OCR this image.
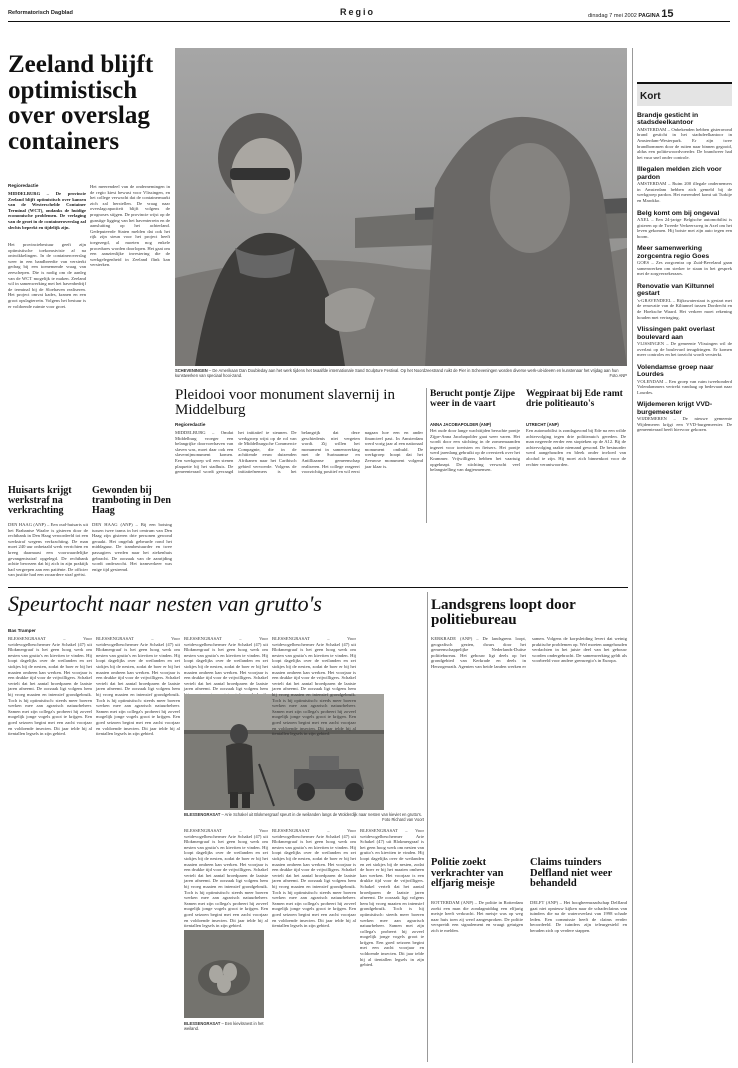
Reformatorisch Dagblad	Regio	dinsdag 7 mei 2002 PAGINA 15
Zeeland blijft optimistisch over overslag containers
Regioredactie
MIDDELBURG – De provincie Zeeland blijft optimistisch over kansen van de Westerschelde Container Terminal (WCT), ondanks de huidige economische problemen. De verlaging van de groei in de containeroverslag zal slechts beperkt en tijdelijk zijn.
Het provinciebestuur geeft zijn optimistische toekomstvisie af na ontwikkelingen. In de containeroverslag weer in een bandbreedte van versterkt gedrag bij een toenemende vraag van zeeschepen. Die is nodig om de aanleg van de WCT mogelijk te maken. Zeeland wil in samenwerking met het havenbedrijf de terminal bij de Sloehaven realiseren. Het project omvat kades, kranen en een groot opslagterrein. Volgens het bestuur is er voldoende ruimte voor groei.
Het meerendeel van de ondernemingen in de regio kiest bewust voor Vlissingen, en het college verwacht dat de containermarkt zich zal herstellen. De vraag naar overslagcapaciteit blijft volgens de prognoses stijgen. De provincie wijst op de gunstige ligging van het haventerrein en de aansluiting op het achterland. Gedeputeerde Staten melden dat ook het rijk zijn steun voor het project heeft toegezegd, al moeten nog enkele procedures worden doorlopen. Het gaat om een aanzienlijke investering die de werkgelegenheid in Zeeland flink kan versterken.
SCHEVENINGEN – De Amerikaan Dan Doubleday aan het werk tijdens het twaalfde internationale Sand Sculpture Festival. Op het Noordzeestrand ruikt de Pier in Scheveningen worden diverse werk-uit-ideeën en kunstenaar het vrijdag aan hun kunstwerken van speciaal hooi-zand.	Foto ANP
Pleidooi voor monument slavernij in Middelburg
Regioredactie
MIDDELBURG – Omdat Middelburg vroeger een belangrijke doorvoerhaven van slaven was, moet daar ook een slavernijmonument komen. Een werkgroep wil een stenen plaquette bij het stadhuis. De gemeenteraad wordt gevraagd het initiatief te steunen. De werkgroep wijst op de rol van de Middelburgsche Commercie Compagnie, die in de achttiende eeuw duizenden Afrikanen naar het Caribisch gebied vervoerde. Volgens de initiatiefnemers is het belangrijk dat deze geschiedenis niet vergeten wordt. Zij willen het monument in samenwerking met de Surinaamse en Antilliaanse gemeenschap realiseren. Het college reageert voorzichtig positief en wil eerst nagaan hoe een en ander financieel past. In Amsterdam werd vorig jaar al een nationaal monument onthuld. De werkgroep hoopt dat het Zeeuwse monument volgend jaar klaar is.
Berucht pontje Zijpe weer in de vaart
ANNA JACOBAPOLDER (ANP)
Het oude door lange wachttijden beruchte pontje Zijpe-Anna Jacobapolder gaat weer varen. Het wordt door een stichting in de zomermaanden ingezet voor toeristen en fietsers. Het pontje werd jarenlang gebruikt op de oversteek over het Krammer. Vrijwilligers hebben het vaartuig opgeknapt. De stichting verwacht veel belangstelling van dagjesmensen.
Wegpiraat bij Ede ramt drie politieauto's
UTRECHT (ANP)
Een automobilist is zondagavond bij Ede na een wilde achtervolging tegen drie politieauto's gereden. De man negeerde eerder een stopteken op de A12. Bij de achtervolging raakte niemand gewond. De bestuurder werd aangehouden en bleek onder invloed van alcohol te zijn. Hij moet zich binnenkort voor de rechter verantwoorden.
Huisarts krijgt werkstraf na verkrachting
DEN HAAG (ANP) – Een oud-huisarts uit het Brabantse Waalre is gisteren door de rechtbank in Den Haag veroordeeld tot een werkstraf wegens verkrachting. De man moet 240 uur onbetaald werk verrichten en kreeg daarnaast een voorwaardelijke gevangenisstraf opgelegd. De rechtbank achtte bewezen dat hij zich in zijn praktijk had vergrepen aan een patiënte. De officier van justitie had een zwaardere straf geëist.
Gewonden bij tramboting in Den Haag
DEN HAAG (ANP) – Bij een botsing tussen twee trams in het centrum van Den Haag zijn gisteren drie personen gewond geraakt. Het ongeluk gebeurde rond het middaguur. De trambestuurder en twee passagiers werden naar het ziekenhuis gebracht. De oorzaak van de aanrijding wordt onderzocht. Het tramverkeer was enige tijd gestremd.
Speurtocht naar nesten van grutto's
Bas Tramper
BLESSENGRASAT – Voor weidevogelbeschermer Arie Schakel (47) uit Blokmergraaf is het geen hoog werk om nesten van grutto's en kieviten te vinden. Hij loopt dagelijks over de weilanden en zet stokjes bij de nesten, zodat de boer er bij het maaien omheen kan werken. Het voorjaar is een drukke tijd voor de vrijwilligers. Schakel vertelt dat het aantal broedparen de laatste jaren afneemt. De oorzaak ligt volgens hem bij vroeg maaien en intensief grondgebruik. Toch is hij optimistisch: steeds meer boeren werken mee aan agrarisch natuurbeheer. Samen met zijn collega's probeert hij zoveel mogelijk jonge vogels groot te krijgen. Een goed seizoen begint met een zacht voorjaar en voldoende insecten. Dit jaar telde hij al tientallen legsels in zijn gebied.
BLESSENGRASAT – Voor weidevogelbeschermer Arie Schakel (47) uit Blokmergraaf is het geen hoog werk om nesten van grutto's en kieviten te vinden. Hij loopt dagelijks over de weilanden en zet stokjes bij de nesten, zodat de boer er bij het maaien omheen kan werken. Het voorjaar is een drukke tijd voor de vrijwilligers. Schakel vertelt dat het aantal broedparen de laatste jaren afneemt. De oorzaak ligt volgens hem bij vroeg maaien en intensief grondgebruik. Toch is hij optimistisch: steeds meer boeren werken mee aan agrarisch natuurbeheer. Samen met zijn collega's probeert hij zoveel mogelijk jonge vogels groot te krijgen. Een goed seizoen begint met een zacht voorjaar en voldoende insecten. Dit jaar telde hij al tientallen legsels in zijn gebied.
BLESSENGRASAT – Voor weidevogelbeschermer Arie Schakel (47) uit Blokmergraaf is het geen hoog werk om nesten van grutto's en kieviten te vinden. Hij loopt dagelijks over de weilanden en zet stokjes bij de nesten, zodat de boer er bij het maaien omheen kan werken. Het voorjaar is een drukke tijd voor de vrijwilligers. Schakel vertelt dat het aantal broedparen de laatste jaren afneemt. De oorzaak ligt volgens hem
BLESSENGRASAT – Arie Schakel uit Blokmergraaf speurt in de weilanden langs de Wolderdijk naar nesten van kieviet en grutto's.
Foto Richard van Voort
BLESSENGRASAT – Voor weidevogelbeschermer Arie Schakel (47) uit Blokmergraaf is het geen hoog werk om nesten van grutto's en kieviten te vinden. Hij loopt dagelijks over de weilanden en zet stokjes bij de nesten, zodat de boer er bij het maaien omheen kan werken. Het voorjaar is een drukke tijd voor de vrijwilligers. Schakel vertelt dat het aantal broedparen de laatste jaren afneemt. De oorzaak ligt volgens hem bij vroeg maaien en intensief grondgebruik. Toch is hij optimistisch: steeds meer boeren werken mee aan agrarisch natuurbeheer. Samen met zijn collega's probeert hij zoveel mogelijk jonge vogels groot te krijgen. Een goed seizoen begint met een zacht voorjaar en voldoende insecten. Dit jaar telde hij al tientallen legsels in zijn gebied.
BLESSENGRASAT – Voor weidevogelbeschermer Arie Schakel (47) uit Blokmergraaf is het geen hoog werk om nesten van grutto's en kieviten te vinden. Hij loopt dagelijks over de weilanden en zet stokjes bij de nesten, zodat de boer er bij het maaien omheen kan werken. Het voorjaar is een drukke tijd voor de vrijwilligers. Schakel vertelt dat het aantal broedparen de laatste jaren afneemt. De oorzaak ligt volgens hem bij vroeg maaien en intensief grondgebruik. Toch is hij optimistisch: steeds meer boeren werken mee aan agrarisch natuurbeheer. Samen met zijn collega's probeert hij zoveel mogelijk jonge vogels groot te krijgen. Een goed seizoen begint met een zacht voorjaar en voldoende insecten. Dit jaar telde hij al tientallen legsels in zijn gebied.
BLESSENGRASAT – Voor weidevogelbeschermer Arie Schakel (47) uit Blokmergraaf is het geen hoog werk om nesten van grutto's en kieviten te vinden. Hij loopt dagelijks over de weilanden en zet stokjes bij de nesten, zodat de boer er bij het maaien omheen kan werken. Het voorjaar is een drukke tijd voor de vrijwilligers. Schakel vertelt dat het aantal broedparen de laatste jaren afneemt. De oorzaak ligt volgens hem bij vroeg maaien en intensief grondgebruik. Toch is hij optimistisch: steeds meer boeren werken mee aan agrarisch natuurbeheer. Samen met zijn collega's probeert hij zoveel mogelijk jonge vogels groot te krijgen. Een goed seizoen begint met een zacht voorjaar en voldoende insecten. Dit jaar telde hij al tientallen legsels in zijn gebied.
BLESSENGRASAT – Een kievitsnest in het weiland.
BLESSENGRASAT – Voor weidevogelbeschermer Arie Schakel (47) uit Blokmergraaf is het geen hoog werk om nesten van grutto's en kieviten te vinden. Hij loopt dagelijks over de weilanden en zet stokjes bij de nesten, zodat de boer er bij het maaien omheen kan werken. Het voorjaar is een drukke tijd voor de vrijwilligers. Schakel vertelt dat het aantal broedparen de laatste jaren afneemt. De oorzaak ligt volgens hem bij vroeg maaien en intensief grondgebruik. Toch is hij optimistisch: steeds meer boeren werken mee aan agrarisch natuurbeheer. Samen met zijn collega's probeert hij zoveel mogelijk jonge vogels groot te krijgen. Een goed seizoen begint met een zacht voorjaar en voldoende insecten. Dit jaar telde hij al tientallen legsels in zijn gebied.
Landsgrens loopt door politiebureau
KERKRADE (ANP) – De landsgrens loopt, geografisch gezien, dwars door het gemeenschappelijke Nederlands-Duitse politiebureau. Het gebouw ligt deels op het grondgebied van Kerkrade en deels in Herzogenrath. Agenten van beide landen werken er samen. Volgens de korpsleiding levert dat weinig praktische problemen op. Wel moeten aangehouden verdachten in het juiste deel van het gebouw worden ondergebracht. De samenwerking geldt als voorbeeld voor andere grensregio's in Europa.
Politie zoekt verkrachter van elfjarig meisje
ROTTERDAM (ANP) – De politie in Rotterdam zoekt een man die zondagmiddag een elfjarig meisje heeft verkracht. Het meisje was op weg naar huis toen zij werd aangesproken. De politie verspreidt een signalement en vraagt getuigen zich te melden.
Claims tuinders Delfland niet weer behandeld
DELFT (ANP) – Het hoogheemraadschap Delfland gaat niet opnieuw kijken naar de schadeclaims van tuinders die na de wateroverlast van 1998 schade leden. Een commissie heeft de claims eerder beoordeeld. De tuinders zijn teleurgesteld en beraden zich op verdere stappen.
Kort
Brandje gesticht in stadsdeelkantoor

AMSTERDAM – Onbekenden hebben gisteravond brand gesticht in het stadsdeelkantoor in Amsterdam-Westerpark. Er zijn twee brandbommen door de ruiten naar binnen gegooid, aldus een politiewoordvoerder. De brandweer had het vuur snel onder controle.

Illegalen melden zich voor pardon

AMSTERDAM – Ruim 200 illegale ondernemers in Amsterdam hebben zich gemeld bij de werkgroep pardon. Het merendeel komt uit Turkije en Marokko.

Belg komt om bij ongeval

AXEL – Een 24-jarige Belgische automobilist is gisteren op de Tweede Verkeersweg in Axel om het leven gekomen. Hij botste met zijn auto tegen een boom.

Meer samenwerking zorgcentra regio Goes

GOES – Zes zorgcentra op Zuid-Beveland gaan samenwerken om sterker te staan in het gesprek met de zorgverzekeraars.

Renovatie van Kiltunnel gestart

's-GRAVENDEEL – Rijkswaterstaat is gestart met de renovatie van de Kiltunnel tussen Dordrecht en de Hoeksche Waard. Het verkeer moet rekening houden met vertraging.

Vlissingen pakt overlast boulevard aan

VLISSINGEN – De gemeente Vlissingen wil de overlast op de boulevard terugdringen. Er komen meer controles en het toezicht wordt versterkt.

Volendamse groep naar Lourdes

VOLENDAM – Een groep van ruim tweehonderd Volendammers vertrekt vandaag op bedevaart naar Lourdes.

Wijdemeren krijgt VVD-burgemeester

WIJDEMEREN – De nieuwe gemeente Wijdemeren krijgt een VVD-burgemeester. De gemeenteraad heeft hiervoor gekozen.
